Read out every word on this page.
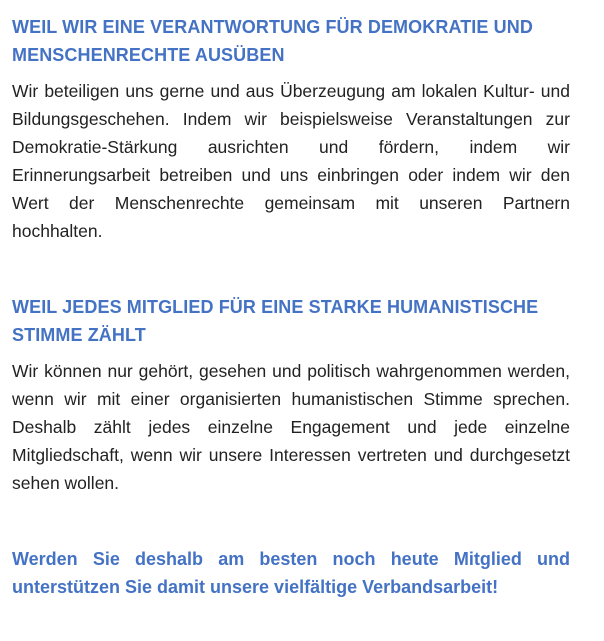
WEIL WIR EINE VERANTWORTUNG FÜR DEMOKRATIE UND MENSCHENRECHTE AUSÜBEN

Wir beteiligen uns gerne und aus Überzeugung am lokalen Kultur- und Bildungsgeschehen. Indem wir beispielsweise Veranstaltungen zur Demokratie-Stärkung ausrichten und fördern, indem wir Erinnerungsarbeit betreiben und uns einbringen oder indem wir den Wert der Menschenrechte gemeinsam mit unseren Partnern hochhalten.

WEIL JEDES MITGLIED FÜR EINE STARKE HUMANISTISCHE STIMME ZÄHLT

Wir können nur gehört, gesehen und politisch wahrgenommen werden, wenn wir mit einer organisierten humanistischen Stimme sprechen. Deshalb zählt jedes einzelne Engagement und jede einzelne Mitgliedschaft, wenn wir unsere Interessen vertreten und durchgesetzt sehen wollen.

Werden Sie deshalb am besten noch heute Mitglied und unterstützen Sie damit unsere vielfältige Verbandsarbeit!
